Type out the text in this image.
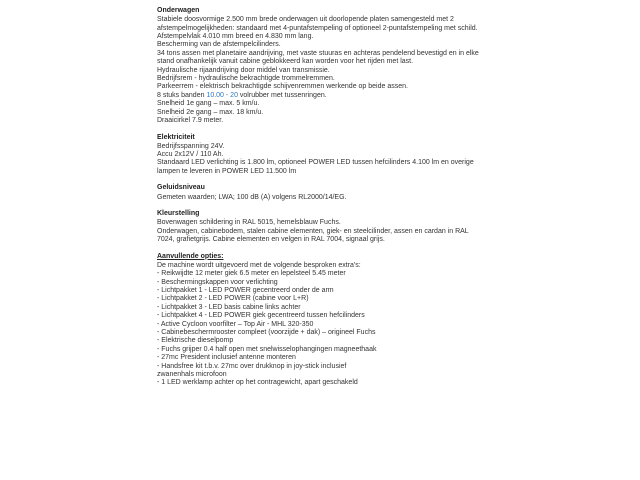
Onderwagen
Stabiele doosvormige 2.500 mm brede onderwagen uit doorlopende platen samengesteld met 2
afstempelmogelijkheden: standaard met 4-puntafstempeling of optioneel 2-puntafstempeling met schild.
Afstempelvlak 4.010 mm breed en 4.830 mm lang.
Bescherming van de afstempelcilinders.
34 tons assen met planetaire aandrijving, met vaste stuuras en achteras pendelend bevestigd en in elke
stand onafhankelijk vanuit cabine geblokkeerd kan worden voor het rijden met last.
Hydraulische rijaandrijving door middel van transmissie.
Bedrijfsrem - hydraulische bekrachtigde trommelremmen.
Parkeerrem - elektrisch bekrachtigde schijvenremmen werkende op beide assen.
8 stuks banden 10.00 - 20 volrubber met tussenringen.
Snelheid 1e gang – max. 5 km/u.
Snelheid 2e gang – max. 18 km/u.
Draaicirkel 7.9 meter.
Elektriciteit
Bedrijfsspanning 24V.
Accu 2x12V / 110 Ah.
Standaard LED verlichting is 1.800 lm, optioneel POWER LED tussen hefcilinders 4.100 lm en overige
lampen te leveren in POWER LED 11.500 lm
Geluidsniveau
Gemeten waarden; LWA; 100 dB (A) volgens RL2000/14/EG.
Kleurstelling
Bovenwagen schildering in RAL 5015, hemelsblauw Fuchs.
Onderwagen, cabinebodem, stalen cabine elementen, giek- en steelcilinder, assen en cardan in RAL
7024, grafietgrijs. Cabine elementen en velgen in RAL 7004, signaal grijs.
Aanvullende opties:
De machine wordt uitgevoerd met de volgende besproken extra's:
- Reikwijdte 12 meter giek 6.5 meter en lepelsteel 5.45 meter
- Beschermingskappen voor verlichting
- Lichtpakket 1 - LED POWER gecentreerd onder de arm
- Lichtpakket 2 - LED POWER (cabine voor L+R)
- Lichtpakket 3 - LED basis cabine links achter
- Lichtpakket 4 - LED POWER giek gecentreerd tussen hefcilinders
- Active Cycloon voorfilter – Top Air - MHL 320-350
- Cabinebeschermrooster compleet (voorzijde + dak) – origineel Fuchs
- Elektrische dieselpomp
- Fuchs grijper 0.4 half open met snelwisselophangingen magneethaak
- 27mc President inclusief antenne monteren
- Handsfree kit t.b.v. 27mc over drukknop in joy-stick inclusief
zwanenhals microfoon
- 1 LED werklamp achter op het contragewicht, apart geschakeld
